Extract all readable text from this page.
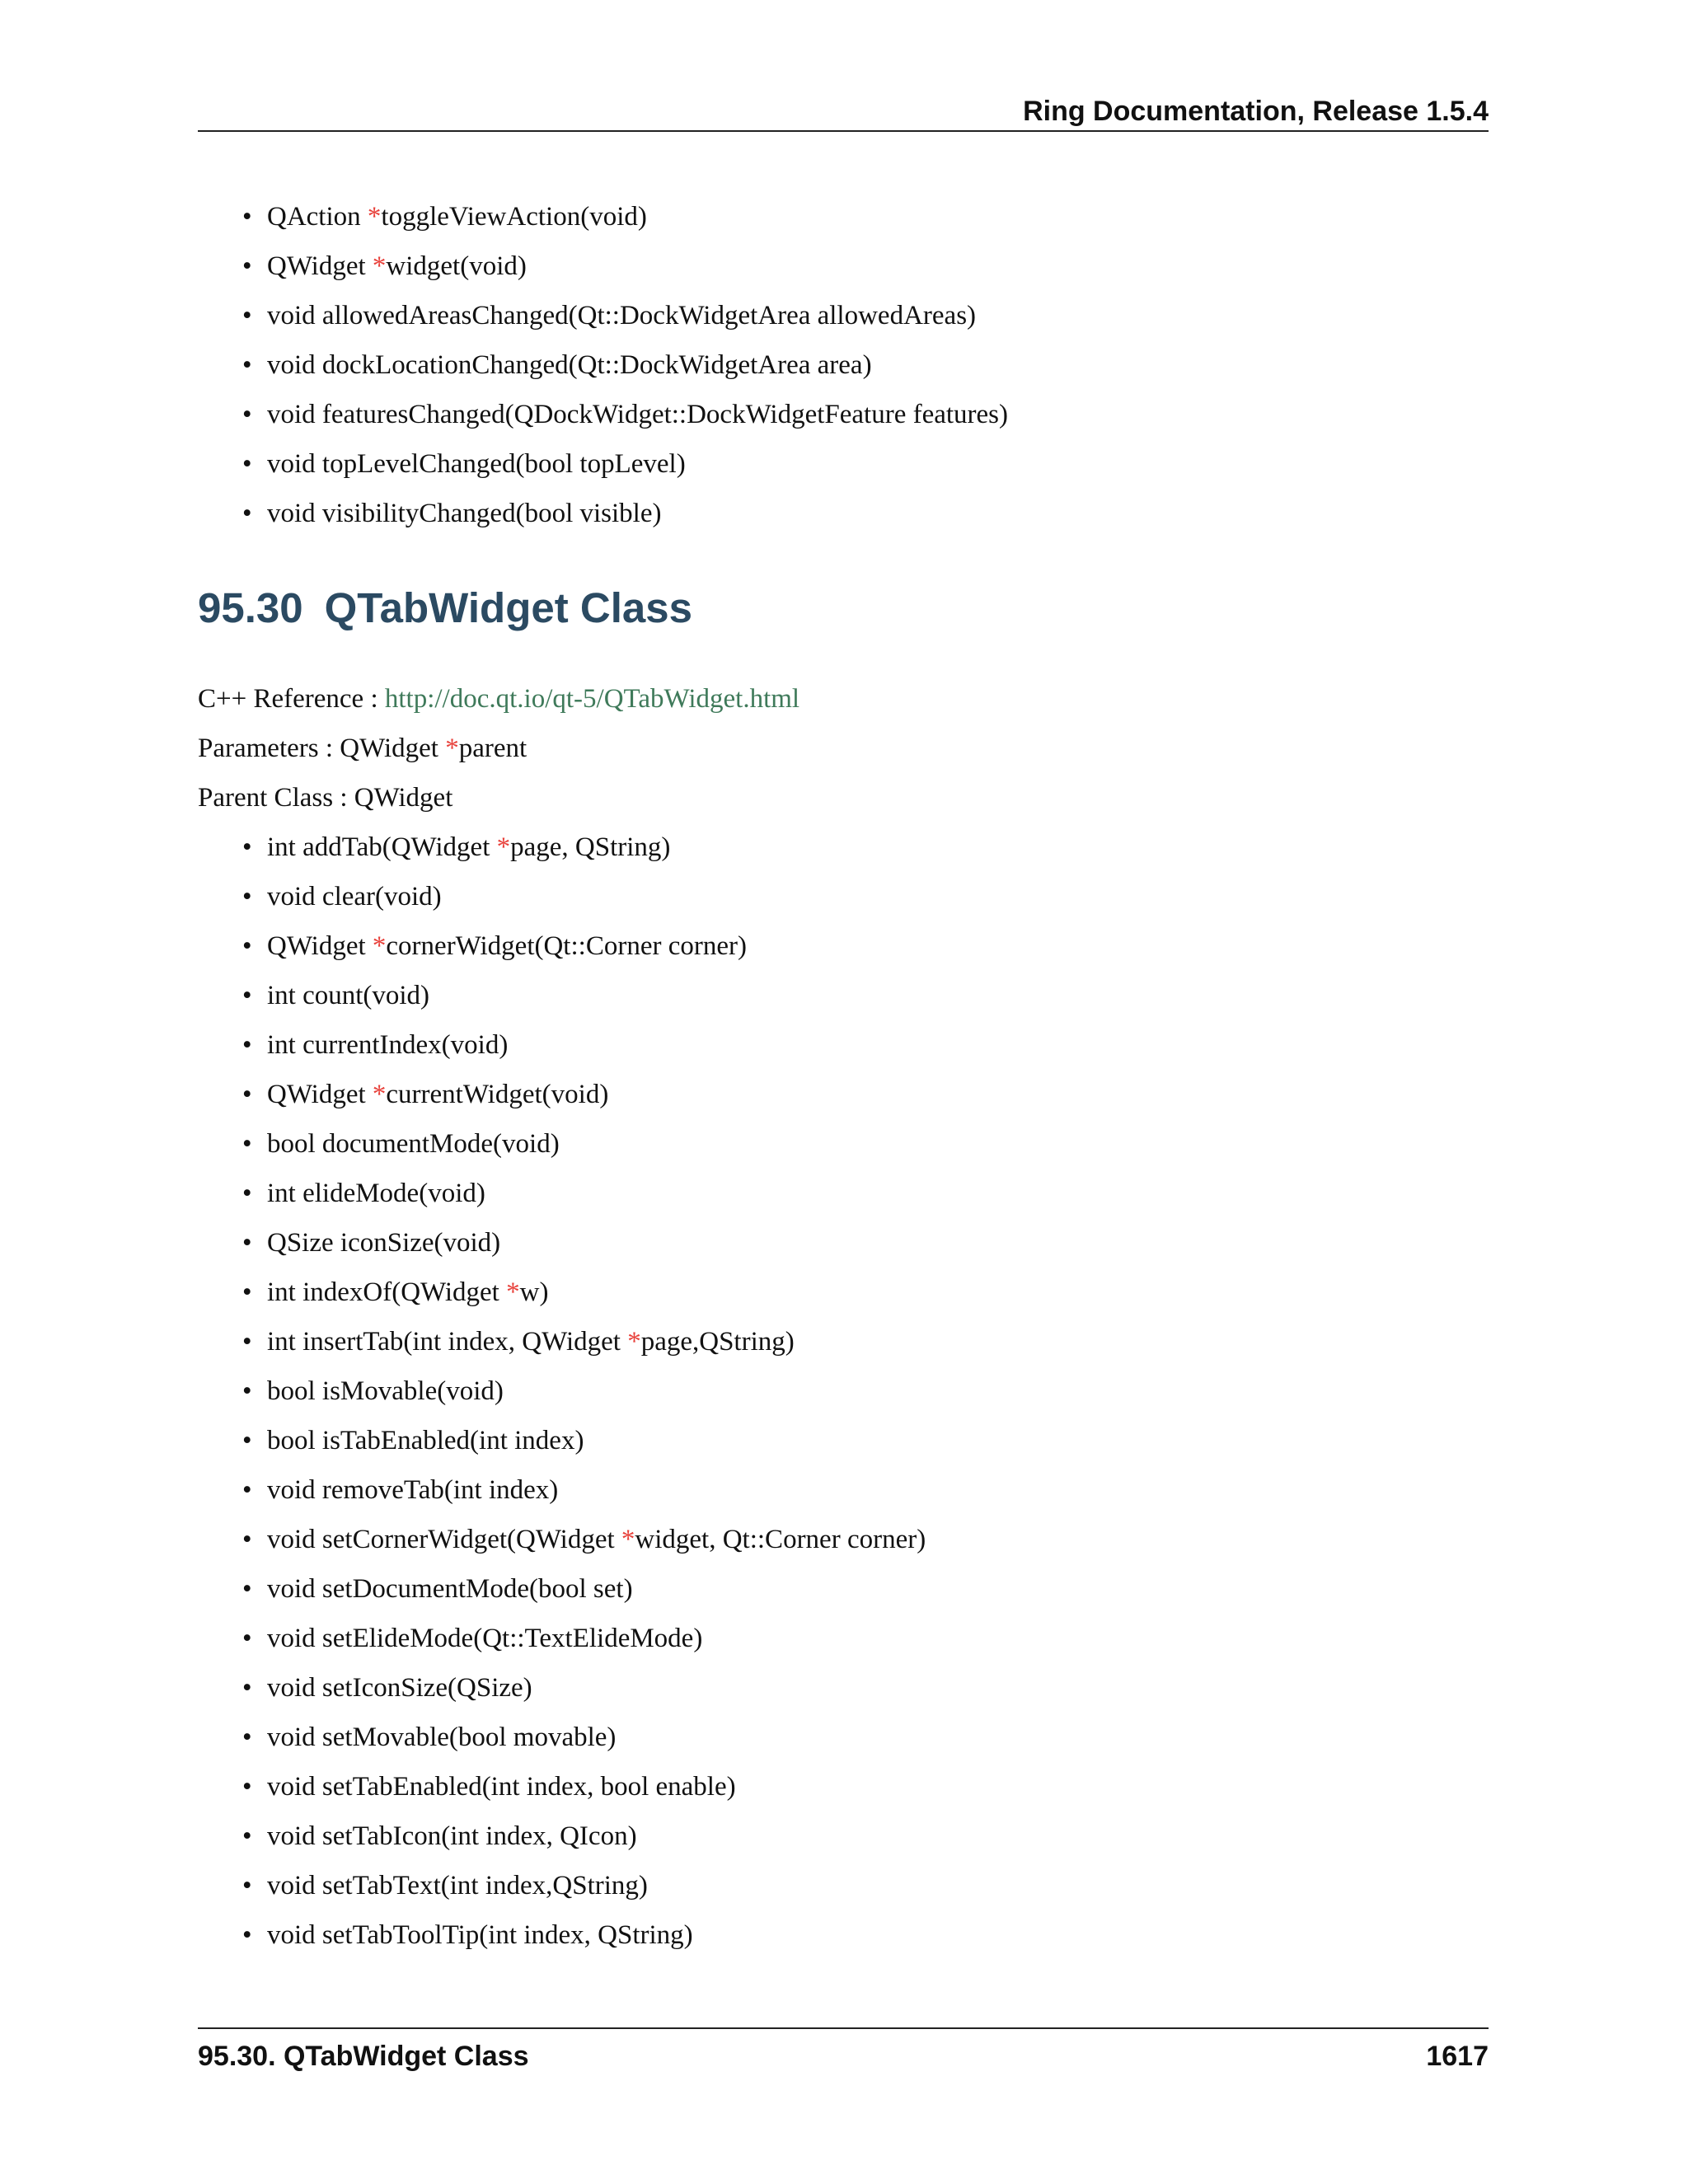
Ring Documentation, Release 1.5.4
• QAction *toggleViewAction(void)
• QWidget *widget(void)
• void allowedAreasChanged(Qt::DockWidgetArea allowedAreas)
• void dockLocationChanged(Qt::DockWidgetArea area)
• void featuresChanged(QDockWidget::DockWidgetFeature features)
• void topLevelChanged(bool topLevel)
• void visibilityChanged(bool visible)
95.30 QTabWidget Class
C++ Reference : http://doc.qt.io/qt-5/QTabWidget.html
Parameters : QWidget *parent
Parent Class : QWidget
• int addTab(QWidget *page, QString)
• void clear(void)
• QWidget *cornerWidget(Qt::Corner corner)
• int count(void)
• int currentIndex(void)
• QWidget *currentWidget(void)
• bool documentMode(void)
• int elideMode(void)
• QSize iconSize(void)
• int indexOf(QWidget *w)
• int insertTab(int index, QWidget *page,QString)
• bool isMovable(void)
• bool isTabEnabled(int index)
• void removeTab(int index)
• void setCornerWidget(QWidget *widget, Qt::Corner corner)
• void setDocumentMode(bool set)
• void setElideMode(Qt::TextElideMode)
• void setIconSize(QSize)
• void setMovable(bool movable)
• void setTabEnabled(int index, bool enable)
• void setTabIcon(int index, QIcon)
• void setTabText(int index,QString)
• void setTabToolTip(int index, QString)
95.30. QTabWidget Class	1617
